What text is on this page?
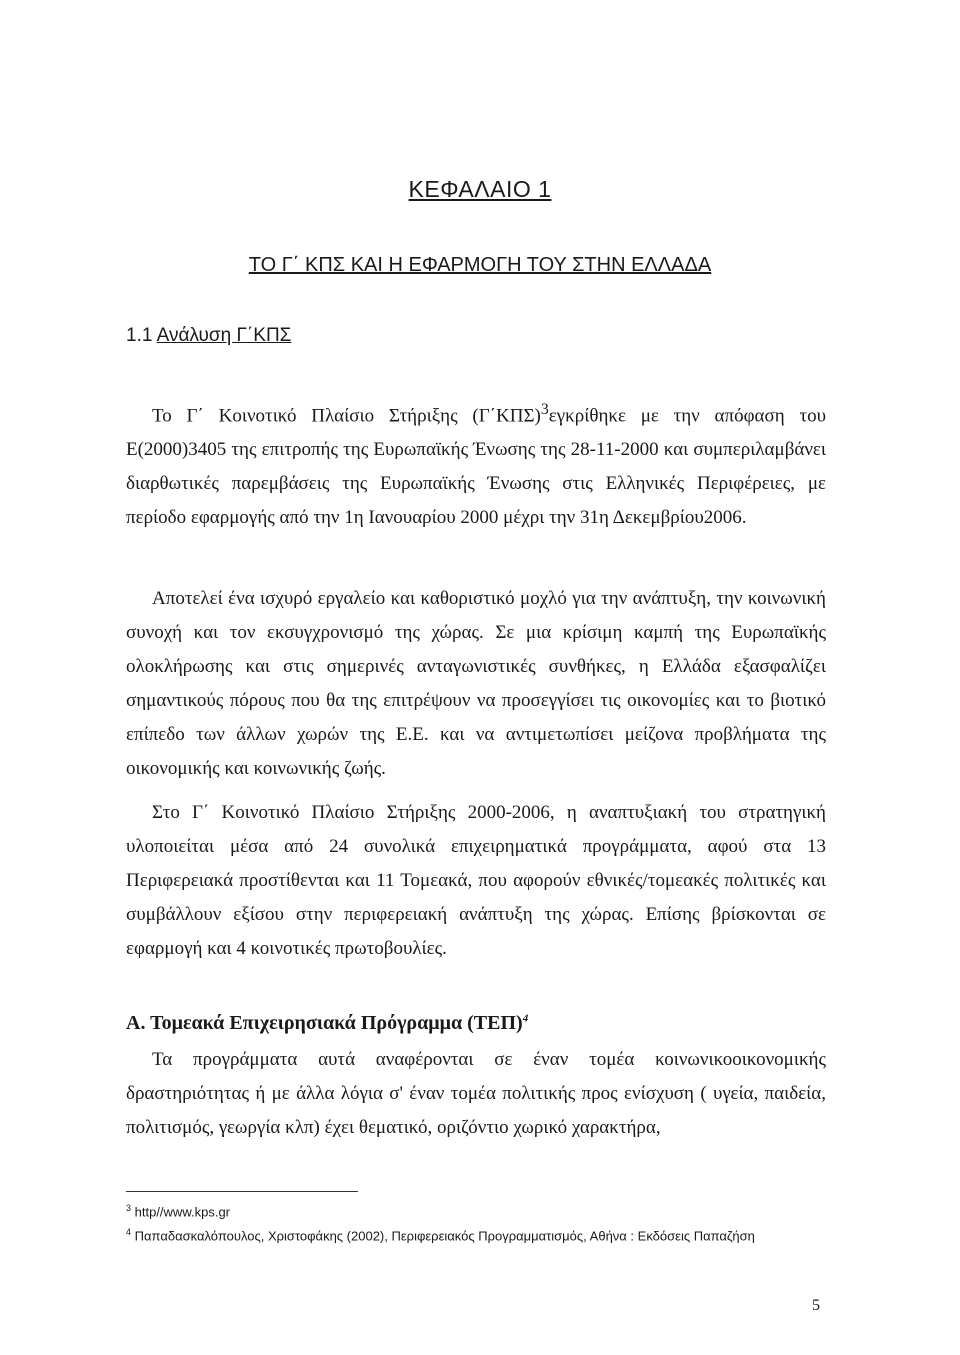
ΚΕΦΑΛΑΙΟ 1
ΤΟ Γ΄ ΚΠΣ ΚΑΙ Η ΕΦΑΡΜΟΓΗ ΤΟΥ ΣΤΗΝ ΕΛΛΑΔΑ
1.1 Ανάλυση Γ΄ΚΠΣ

Το Γ΄ Κοινοτικό Πλαίσιο Στήριξης $(\Gamma΄K\Pi\Sigma)^3\varepsilon\gamma\kappa\rho ί\theta\eta\kappa\varepsilon$ με την απόφαση του Ε(2000)3405 της επιτροπής της Ευρωπαϊκής Ένωσης της 28-11-2000 και συμπεριλαμβάνει διαρθωτικές παρεμβάσεις της Ευρωπαϊκής Ένωσης στις Ελληνικές Περιφέρειες, με περίοδο εφαρμογής από την 1η Ιανουαρίου 2000 μέχρι την 31η Δεκεμβρίου2006.

Αποτελεί ένα ισχυρό εργαλείο και καθοριστικό μοχλό για την ανάπτυξη, την κοινωνική συνοχή και τον εκσυγχρονισμό της χώρας. Σε μια κρίσιμη καμπή της Ευρωπαϊκής ολοκλήρωσης και στις σημερινές ανταγωνιστικές συνθήκες, η Ελλάδα εξασφαλίζει σημαντικούς πόρους που θα της επιτρέψουν να προσεγγίσει τις οικονομίες και το βιοτικό επίπεδο των άλλων χωρών της Ε.Ε. και να αντιμετωπίσει μείζονα προβλήματα της οικονομικής και κοινωνικής ζωής.

Στο Γ΄ Κοινοτικό Πλαίσιο Στήριξης 2000-2006, η αναπτυξιακή του στρατηγική υλοποιείται μέσα από 24 συνολικά επιχειρηματικά προγράμματα, αφού στα 13 Περιφερειακά προστίθενται και 11 Τομεακά, που αφορούν εθνικές/τομεακές πολιτικές και συμβάλλουν εξίσου στην περιφερειακή ανάπτυξη της χώρας. Επίσης βρίσκονται σε εφαρμογή και 4 κοινοτικές πρωτοβουλίες.

Α. Τομεακά Επιχειρησιακά Πρόγραμμα $(TE\Pi)^4$

Τα προγράμματα αυτά αναφέρονται σε έναν τομέα κοινωνικοοικονομικής δραστηριότητας ή με άλλα λόγια σ' έναν τομέα πολιτικής προς ενίσχυση ( υγεία, παιδεία, πολιτισμός, γεωργία κλπ) έχει θεματικό, οριζόντιο χωρικό χαρακτήρα,

$^3$ http//www.kps.gr

$^4$ Παπαδασκαλόπουλος, Χριστοφάκης (2002), Περιφερειακός Προγραμματισμός, Αθήνα : Εκδόσεις Παπαζήση

5
